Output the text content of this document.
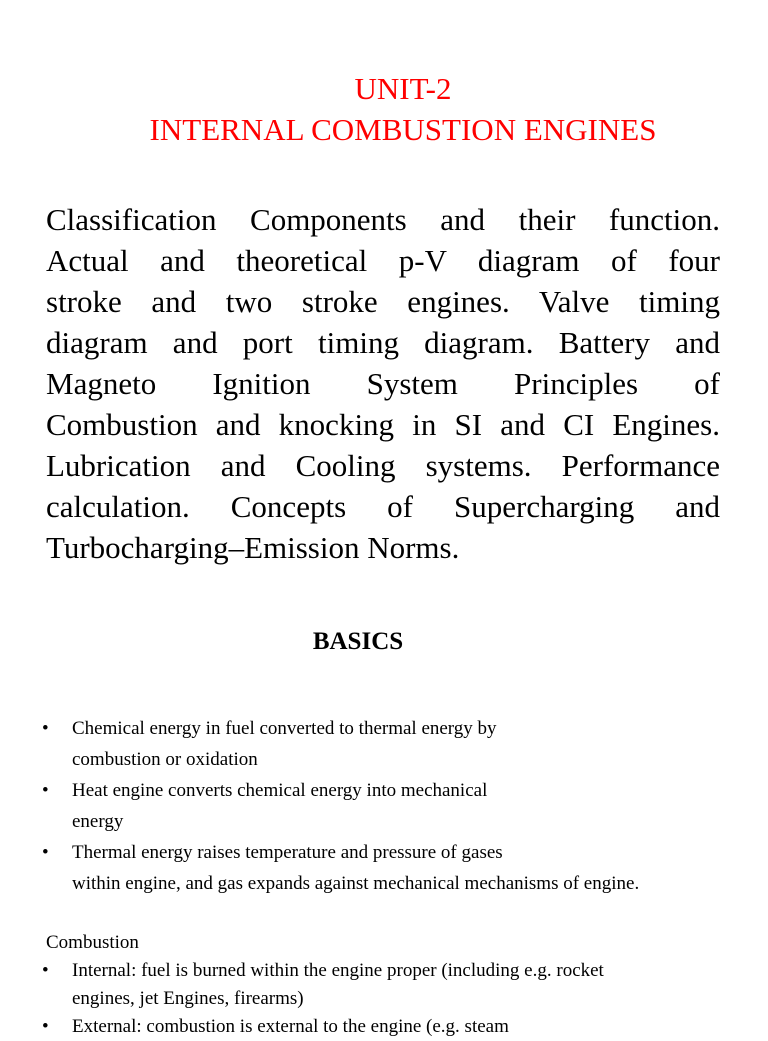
UNIT-2
INTERNAL COMBUSTION ENGINES

Classification Components and their function.
Actual and theoretical p-V diagram of four
stroke and two stroke engines. Valve timing
diagram and port timing diagram. Battery and
Magneto Ignition System Principles of
Combustion and knocking in SI and CI Engines.
Lubrication and Cooling systems. Performance
calculation. Concepts of Supercharging and
Turbocharging–Emission Norms.

BASICS
• Chemical energy in fuel converted to thermal energy by
combustion or oxidation
• Heat engine converts chemical energy into mechanical
energy
• Thermal energy raises temperature and pressure of gases
within engine, and gas expands against mechanical mechanisms of engine.

Combustion

• Internal: fuel is burned within the engine proper (including e.g. rocket
engines, jet Engines, firearms)
• External: combustion is external to the engine (e.g. steam
